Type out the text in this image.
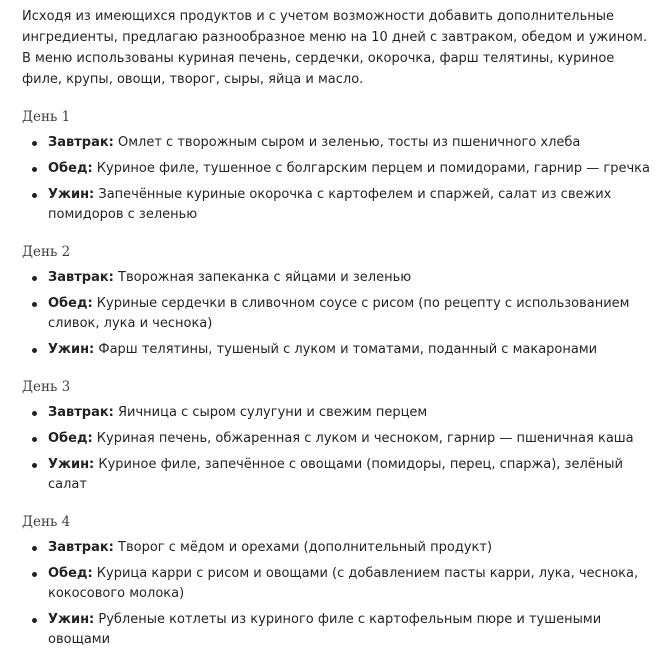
Исходя из имеющихся продуктов и с учетом возможности добавить дополнительные ингредиенты, предлагаю разнообразное меню на 10 дней с завтраком, обедом и ужином. В меню использованы куриная печень, сердечки, окорочка, фарш телятины, куриное филе, крупы, овощи, творог, сыры, яйца и масло.

День 1
Завтрак: Омлет с творожным сыром и зеленью, тосты из пшеничного хлеба
Обед: Куриное филе, тушенное с болгарским перцем и помидорами, гарнир — гречка
Ужин: Запечённые куриные окорочка с картофелем и спаржей, салат из свежих помидоров с зеленью
День 2
Завтрак: Творожная запеканка с яйцами и зеленью
Обед: Куриные сердечки в сливочном соусе с рисом (по рецепту с использованием сливок, лука и чеснока)
Ужин: Фарш телятины, тушеный с луком и томатами, поданный с макаронами
День 3
Завтрак: Яичница с сыром сулугуни и свежим перцем
Обед: Куриная печень, обжаренная с луком и чесноком, гарнир — пшеничная каша
Ужин: Куриное филе, запечённое с овощами (помидоры, перец, спаржа), зелёный салат
День 4
Завтрак: Творог с мёдом и орехами (дополнительный продукт)
Обед: Курица карри с рисом и овощами (с добавлением пасты карри, лука, чеснока, кокосового молока)
Ужин: Рубленые котлеты из куриного филе с картофельным пюре и тушеными овощами
